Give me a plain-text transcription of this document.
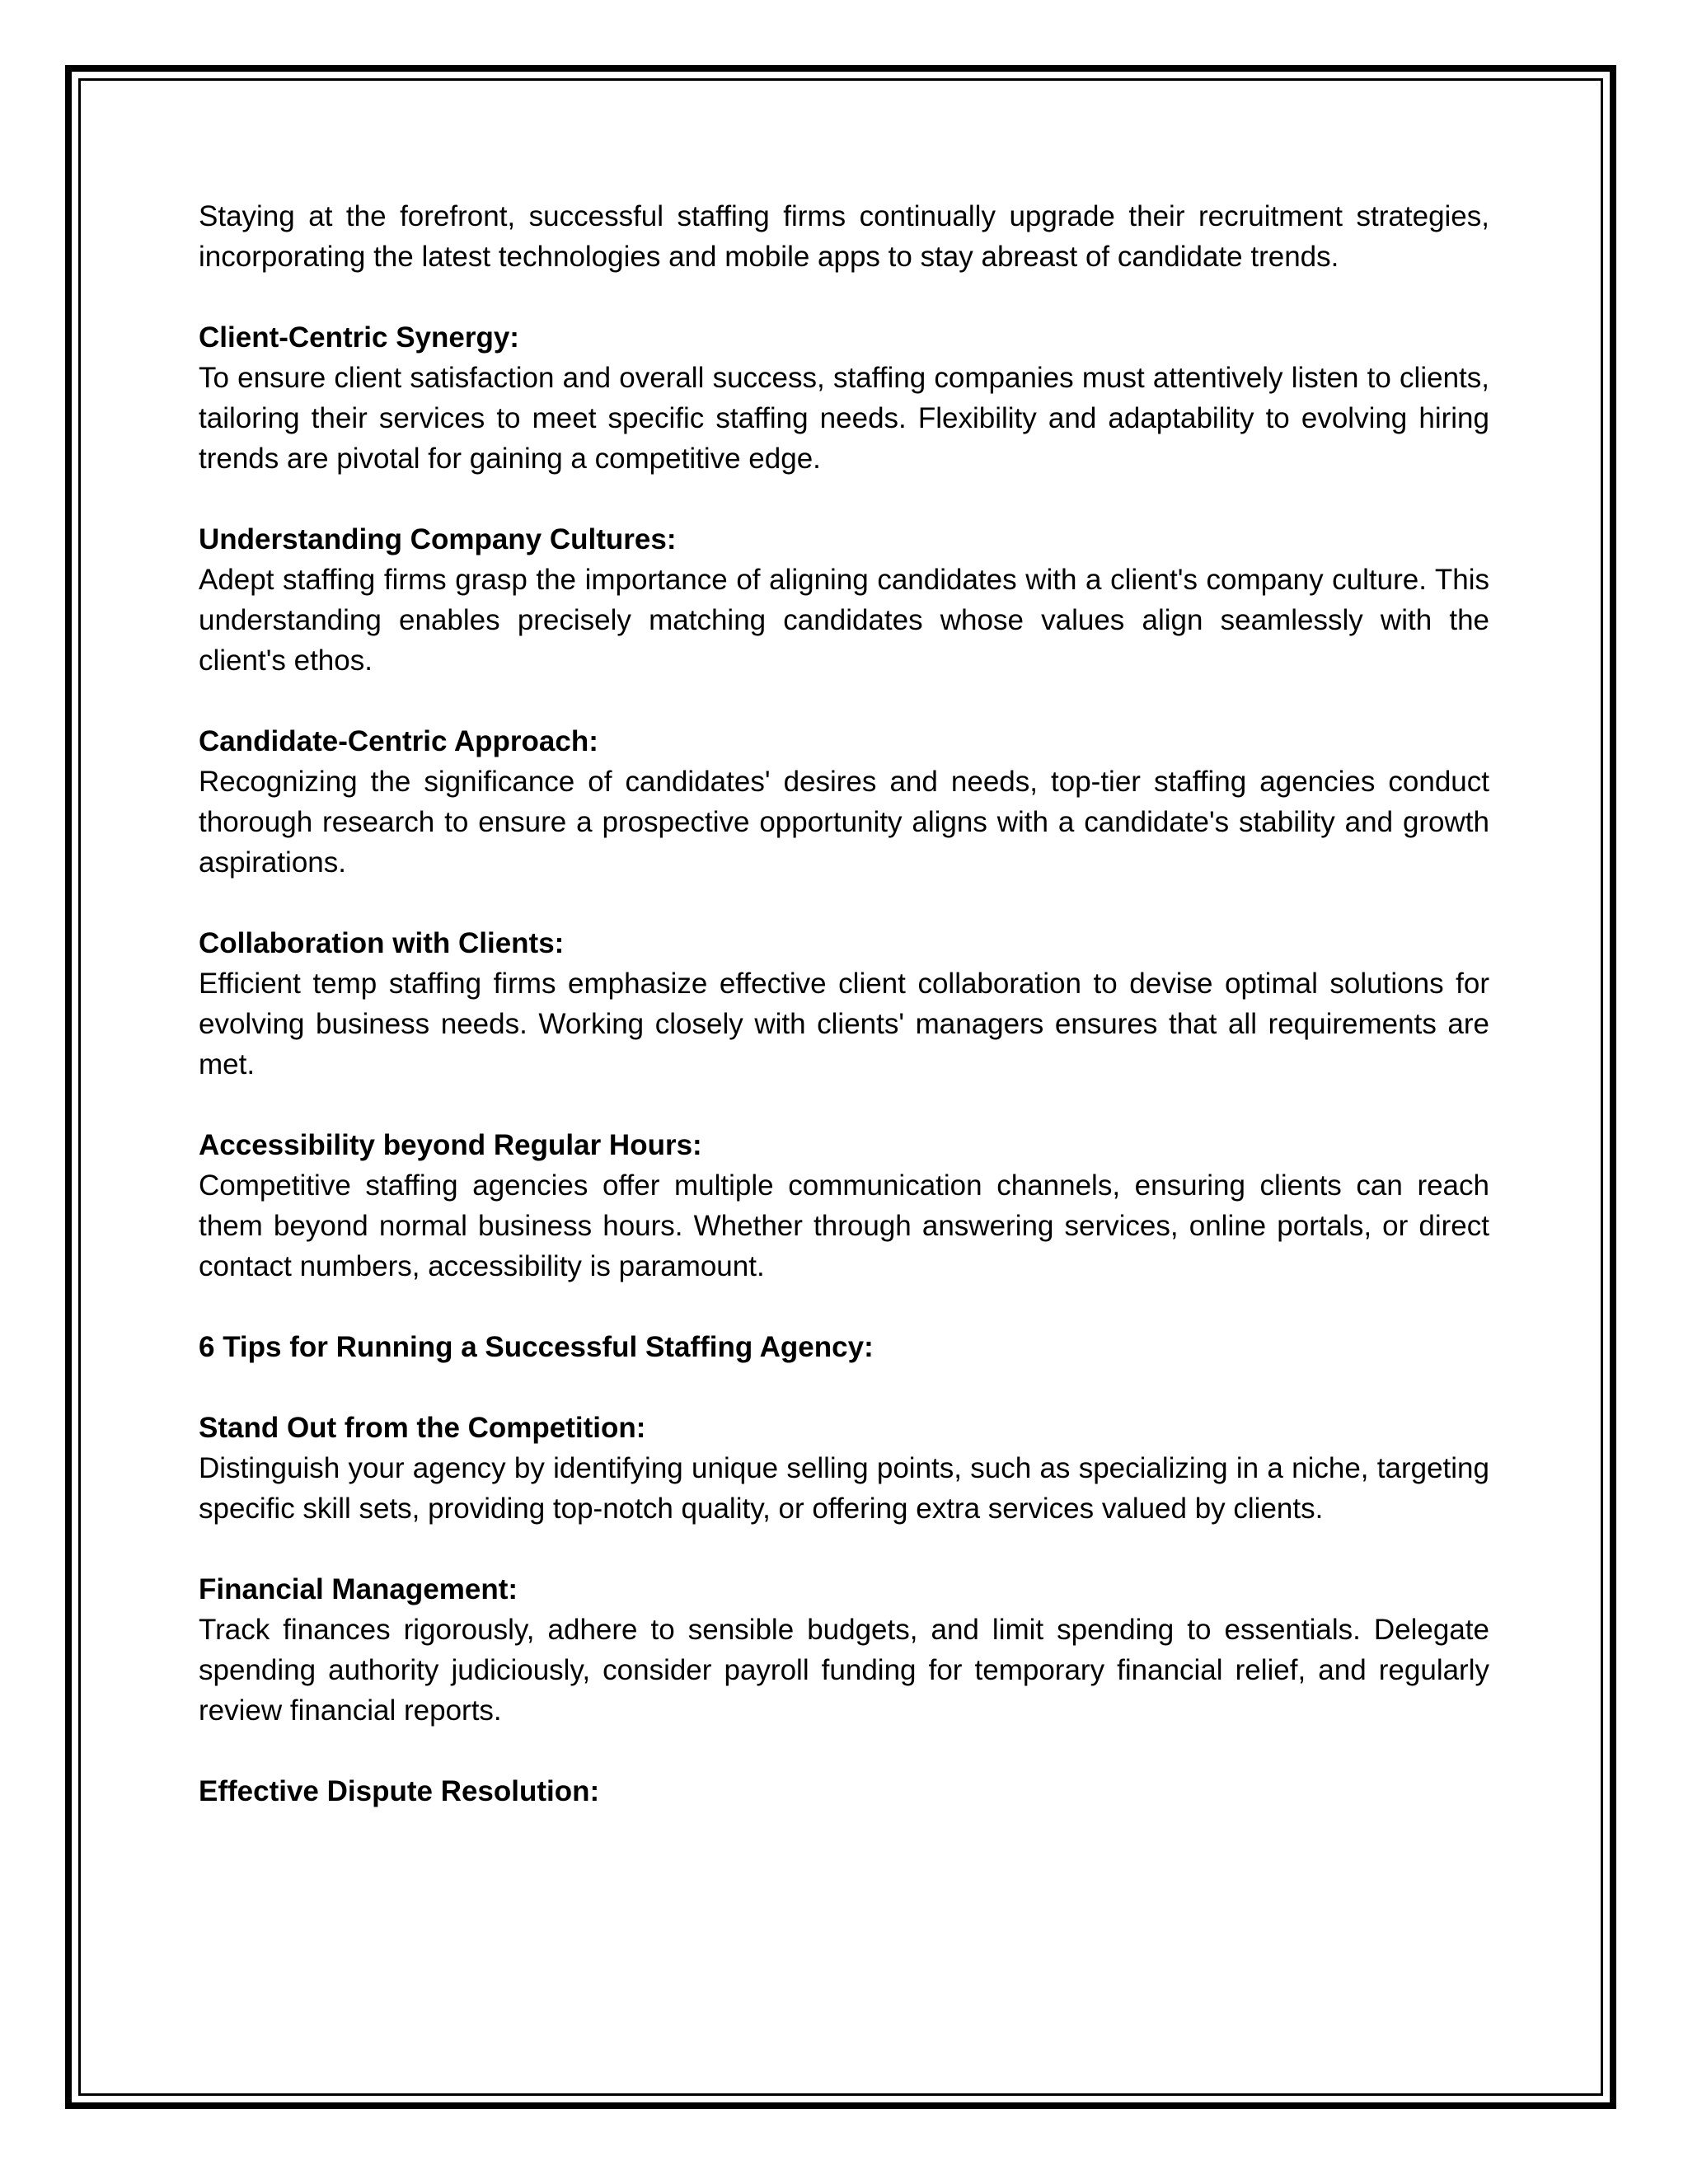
Staying at the forefront, successful staffing firms continually upgrade their recruitment strategies, incorporating the latest technologies and mobile apps to stay abreast of candidate trends.

Client-Centric Synergy:

To ensure client satisfaction and overall success, staffing companies must attentively listen to clients, tailoring their services to meet specific staffing needs. Flexibility and adaptability to evolving hiring trends are pivotal for gaining a competitive edge.

Understanding Company Cultures:

Adept staffing firms grasp the importance of aligning candidates with a client's company culture. This understanding enables precisely matching candidates whose values align seamlessly with the client's ethos.

Candidate-Centric Approach:

Recognizing the significance of candidates' desires and needs, top-tier staffing agencies conduct thorough research to ensure a prospective opportunity aligns with a candidate's stability and growth aspirations.

Collaboration with Clients:

Efficient temp staffing firms emphasize effective client collaboration to devise optimal solutions for evolving business needs. Working closely with clients' managers ensures that all requirements are met.

Accessibility beyond Regular Hours:

Competitive staffing agencies offer multiple communication channels, ensuring clients can reach them beyond normal business hours. Whether through answering services, online portals, or direct contact numbers, accessibility is paramount.

6 Tips for Running a Successful Staffing Agency:

Stand Out from the Competition:

Distinguish your agency by identifying unique selling points, such as specializing in a niche, targeting specific skill sets, providing top-notch quality, or offering extra services valued by clients.

Financial Management:

Track finances rigorously, adhere to sensible budgets, and limit spending to essentials. Delegate spending authority judiciously, consider payroll funding for temporary financial relief, and regularly review financial reports.

Effective Dispute Resolution:
